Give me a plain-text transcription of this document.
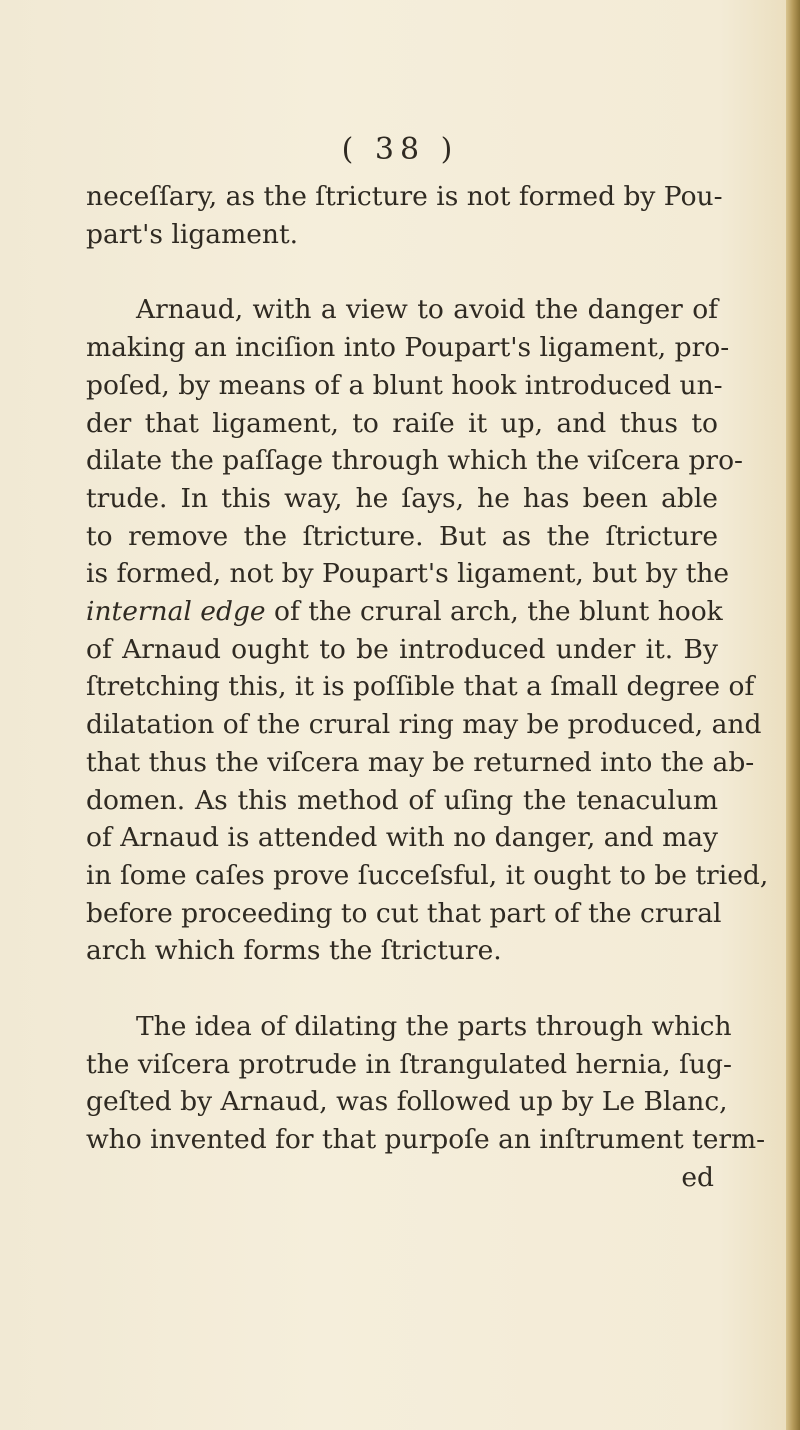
( 38 )

neceſſary, as the ſtricture is not formed by Pou-
part's ligament.

Arnaud, with a view to avoid the danger of
making an inciſion into Poupart's ligament, pro-
poſed, by means of a blunt hook introduced un-
der that ligament, to raiſe it up, and thus to
dilate the paſſage through which the viſcera pro-
trude. In this way, he ſays, he has been able
to remove the ſtricture. But as the ſtricture
is formed, not by Poupart's ligament, but by the
internal edge of the crural arch, the blunt hook
of Arnaud ought to be introduced under it. By
ſtretching this, it is poſſible that a ſmall degree of
dilatation of the crural ring may be produced, and
that thus the viſcera may be returned into the ab-
domen. As this method of uſing the tenaculum
of Arnaud is attended with no danger, and may
in ſome caſes prove ſucceſsful, it ought to be tried,
before proceeding to cut that part of the crural
arch which forms the ſtricture.

The idea of dilating the parts through which
the viſcera protrude in ſtrangulated hernia, ſug-
geſted by Arnaud, was followed up by Le Blanc,
who invented for that purpoſe an inſtrument term-

ed
